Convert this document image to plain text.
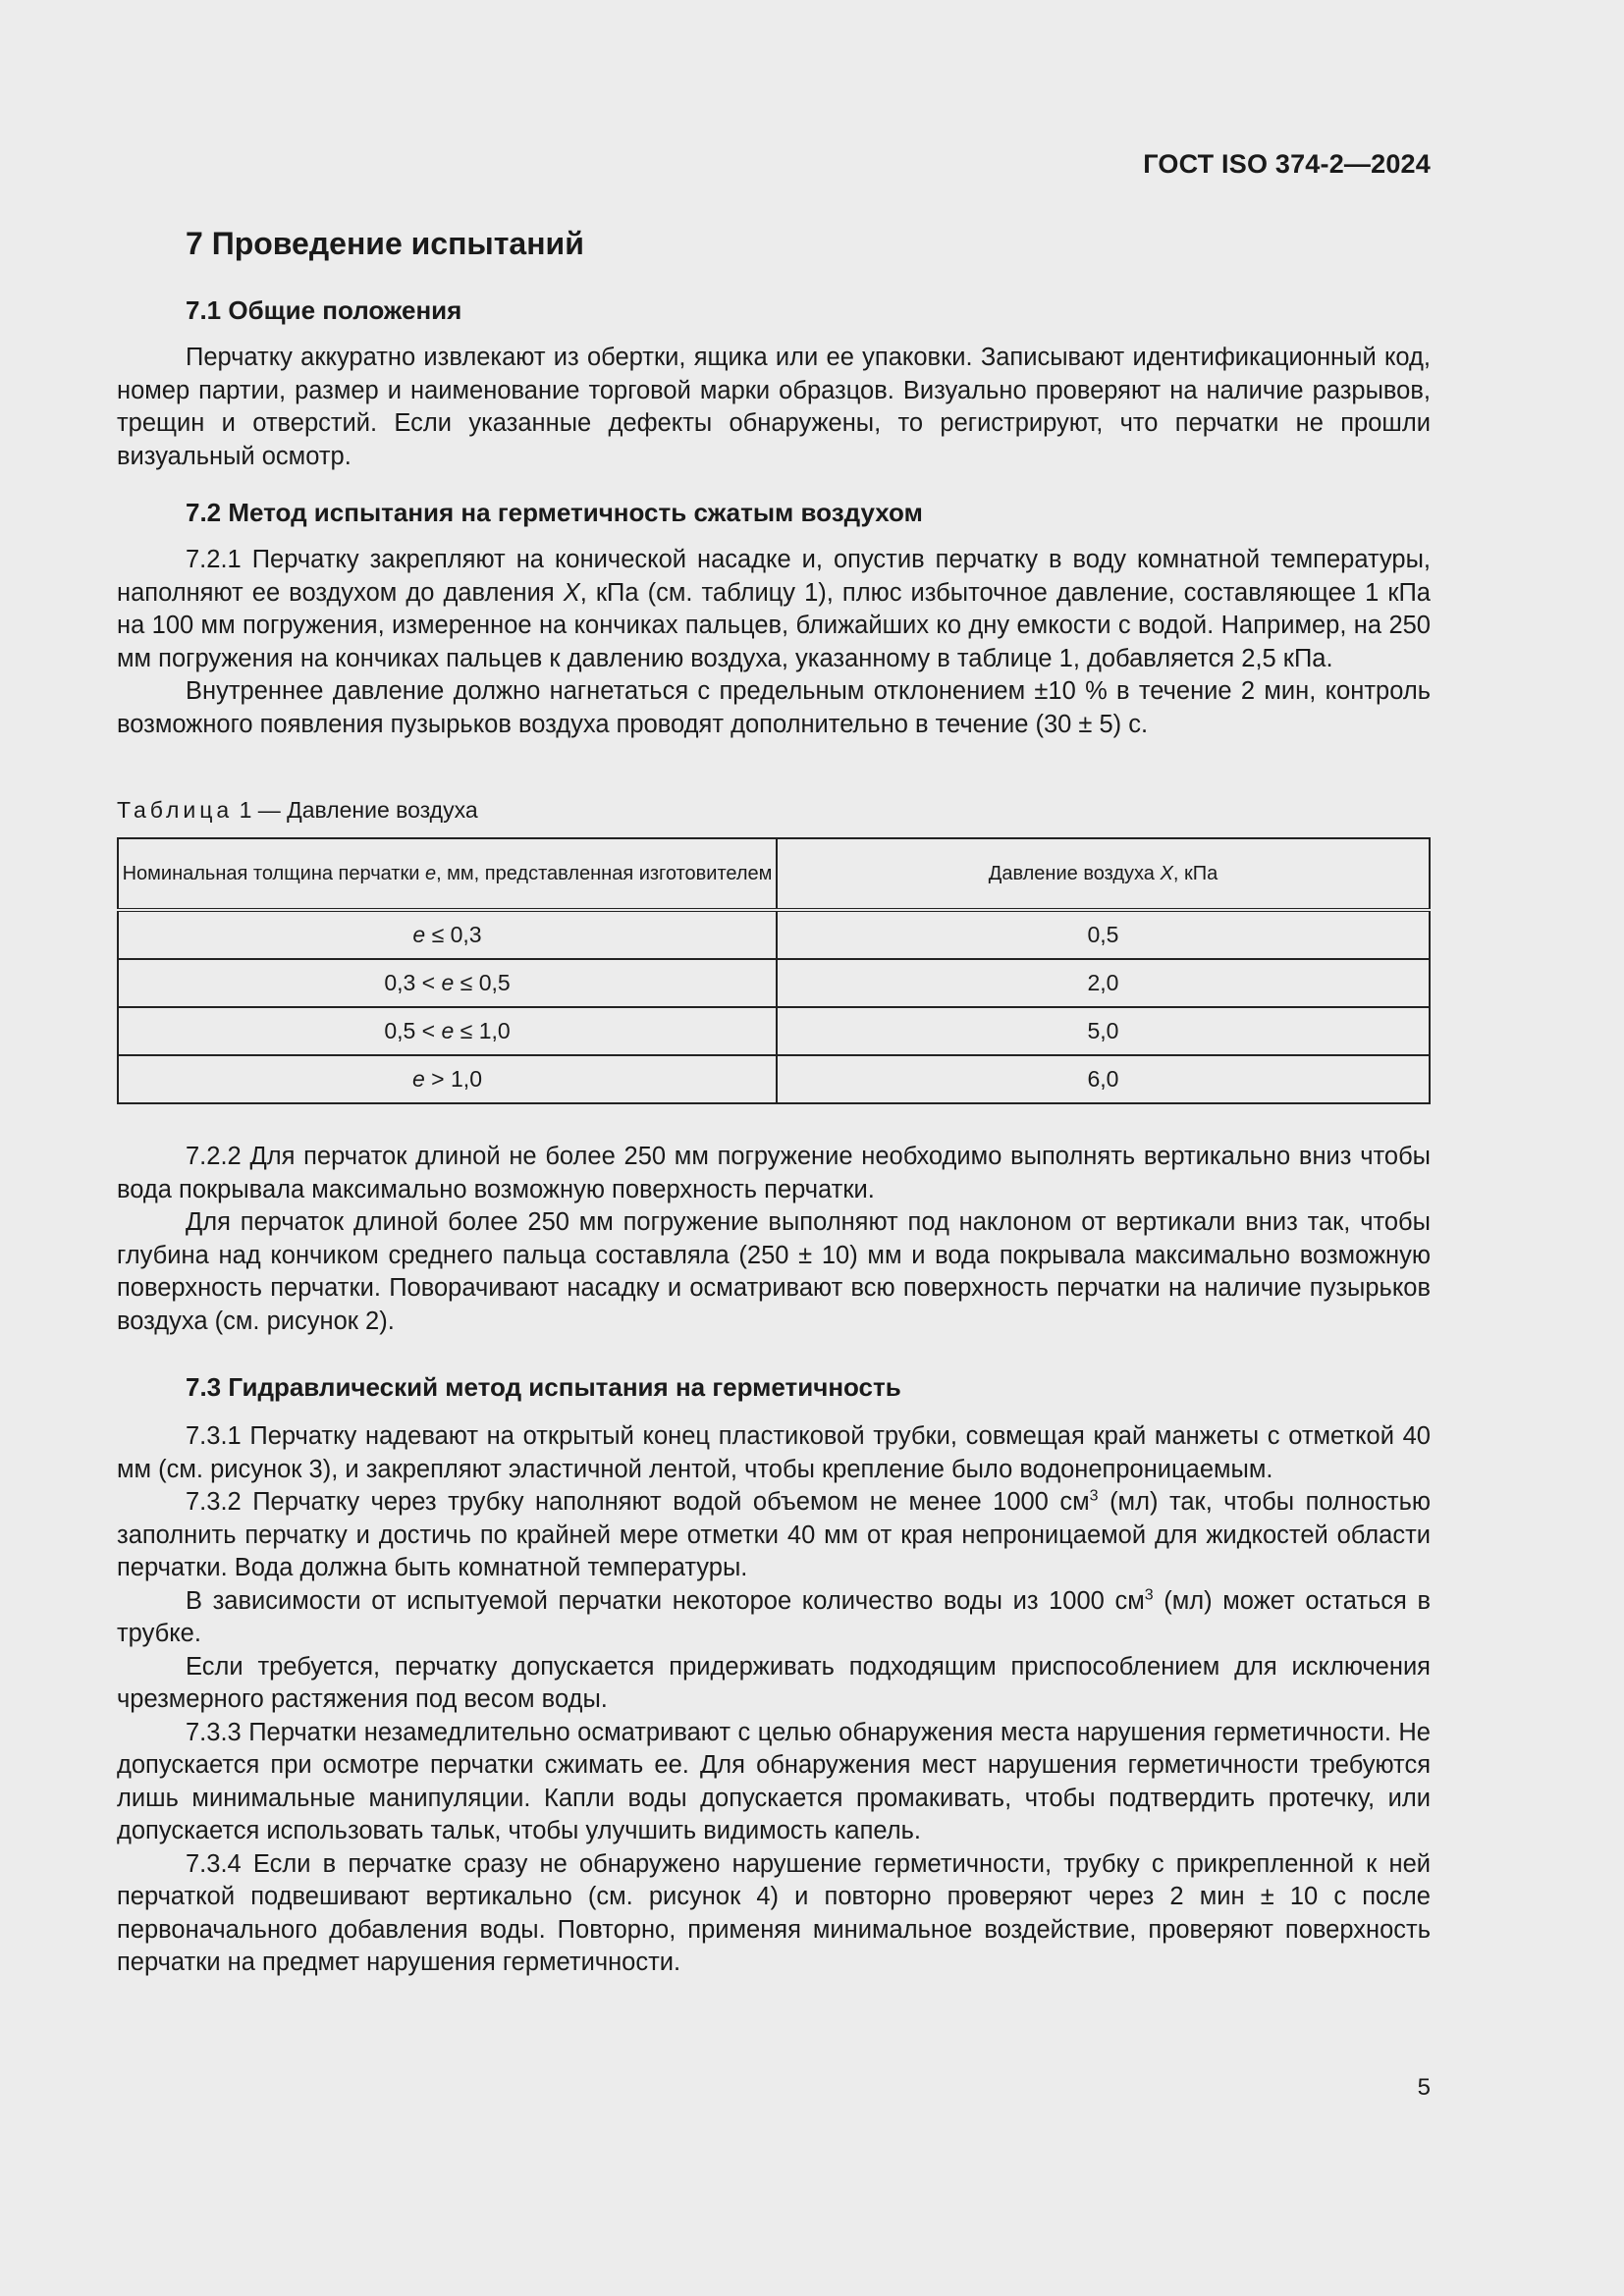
ГОСТ ISO 374-2—2024
7 Проведение испытаний
7.1 Общие положения

Перчатку аккуратно извлекают из обертки, ящика или ее упаковки. Записывают идентификационный код, номер партии, размер и наименование торговой марки образцов. Визуально проверяют на наличие разрывов, трещин и отверстий. Если указанные дефекты обнаружены, то регистрируют, что перчатки не прошли визуальный осмотр.

7.2 Метод испытания на герметичность сжатым воздухом

7.2.1 Перчатку закрепляют на конической насадке и, опустив перчатку в воду комнатной температуры, наполняют ее воздухом до давления X, кПа (см. таблицу 1), плюс избыточное давление, составляющее 1 кПа на 100 мм погружения, измеренное на кончиках пальцев, ближайших ко дну емкости с водой. Например, на 250 мм погружения на кончиках пальцев к давлению воздуха, указанному в таблице 1, добавляется 2,5 кПа.

Внутреннее давление должно нагнетаться с предельным отклонением ±10 % в течение 2 мин, контроль возможного появления пузырьков воздуха проводят дополнительно в течение (30 ± 5) с.

Таблица 1 — Давление воздуха

Номинальная толщина перчатки e, мм, представленная изготовителем	Давление воздуха X, кПа
e ≤ 0,3	0,5
0,3 < e ≤ 0,5	2,0
0,5 < e ≤ 1,0	5,0
e > 1,0	6,0

7.2.2 Для перчаток длиной не более 250 мм погружение необходимо выполнять вертикально вниз чтобы вода покрывала максимально возможную поверхность перчатки.

Для перчаток длиной более 250 мм погружение выполняют под наклоном от вертикали вниз так, чтобы глубина над кончиком среднего пальца составляла (250 ± 10) мм и вода покрывала максимально возможную поверхность перчатки. Поворачивают насадку и осматривают всю поверхность перчатки на наличие пузырьков воздуха (см. рисунок 2).

7.3 Гидравлический метод испытания на герметичность

7.3.1 Перчатку надевают на открытый конец пластиковой трубки, совмещая край манжеты с отметкой 40 мм (см. рисунок 3), и закрепляют эластичной лентой, чтобы крепление было водонепроницаемым.

7.3.2 Перчатку через трубку наполняют водой объемом не менее 1000 $см^3$ (мл) так, чтобы полностью заполнить перчатку и достичь по крайней мере отметки 40 мм от края непроницаемой для жидкостей области перчатки. Вода должна быть комнатной температуры.

В зависимости от испытуемой перчатки некоторое количество воды из 1000 $см^3$ (мл) может остаться в трубке.

Если требуется, перчатку допускается придерживать подходящим приспособлением для исключения чрезмерного растяжения под весом воды.

7.3.3 Перчатки незамедлительно осматривают с целью обнаружения места нарушения герметичности. Не допускается при осмотре перчатки сжимать ее. Для обнаружения мест нарушения герметичности требуются лишь минимальные манипуляции. Капли воды допускается промакивать, чтобы подтвердить протечку, или допускается использовать тальк, чтобы улучшить видимость капель.

7.3.4 Если в перчатке сразу не обнаружено нарушение герметичности, трубку с прикрепленной к ней перчаткой подвешивают вертикально (см. рисунок 4) и повторно проверяют через 2 мин ± 10 с после первоначального добавления воды. Повторно, применяя минимальное воздействие, проверяют поверхность перчатки на предмет нарушения герметичности.

5
